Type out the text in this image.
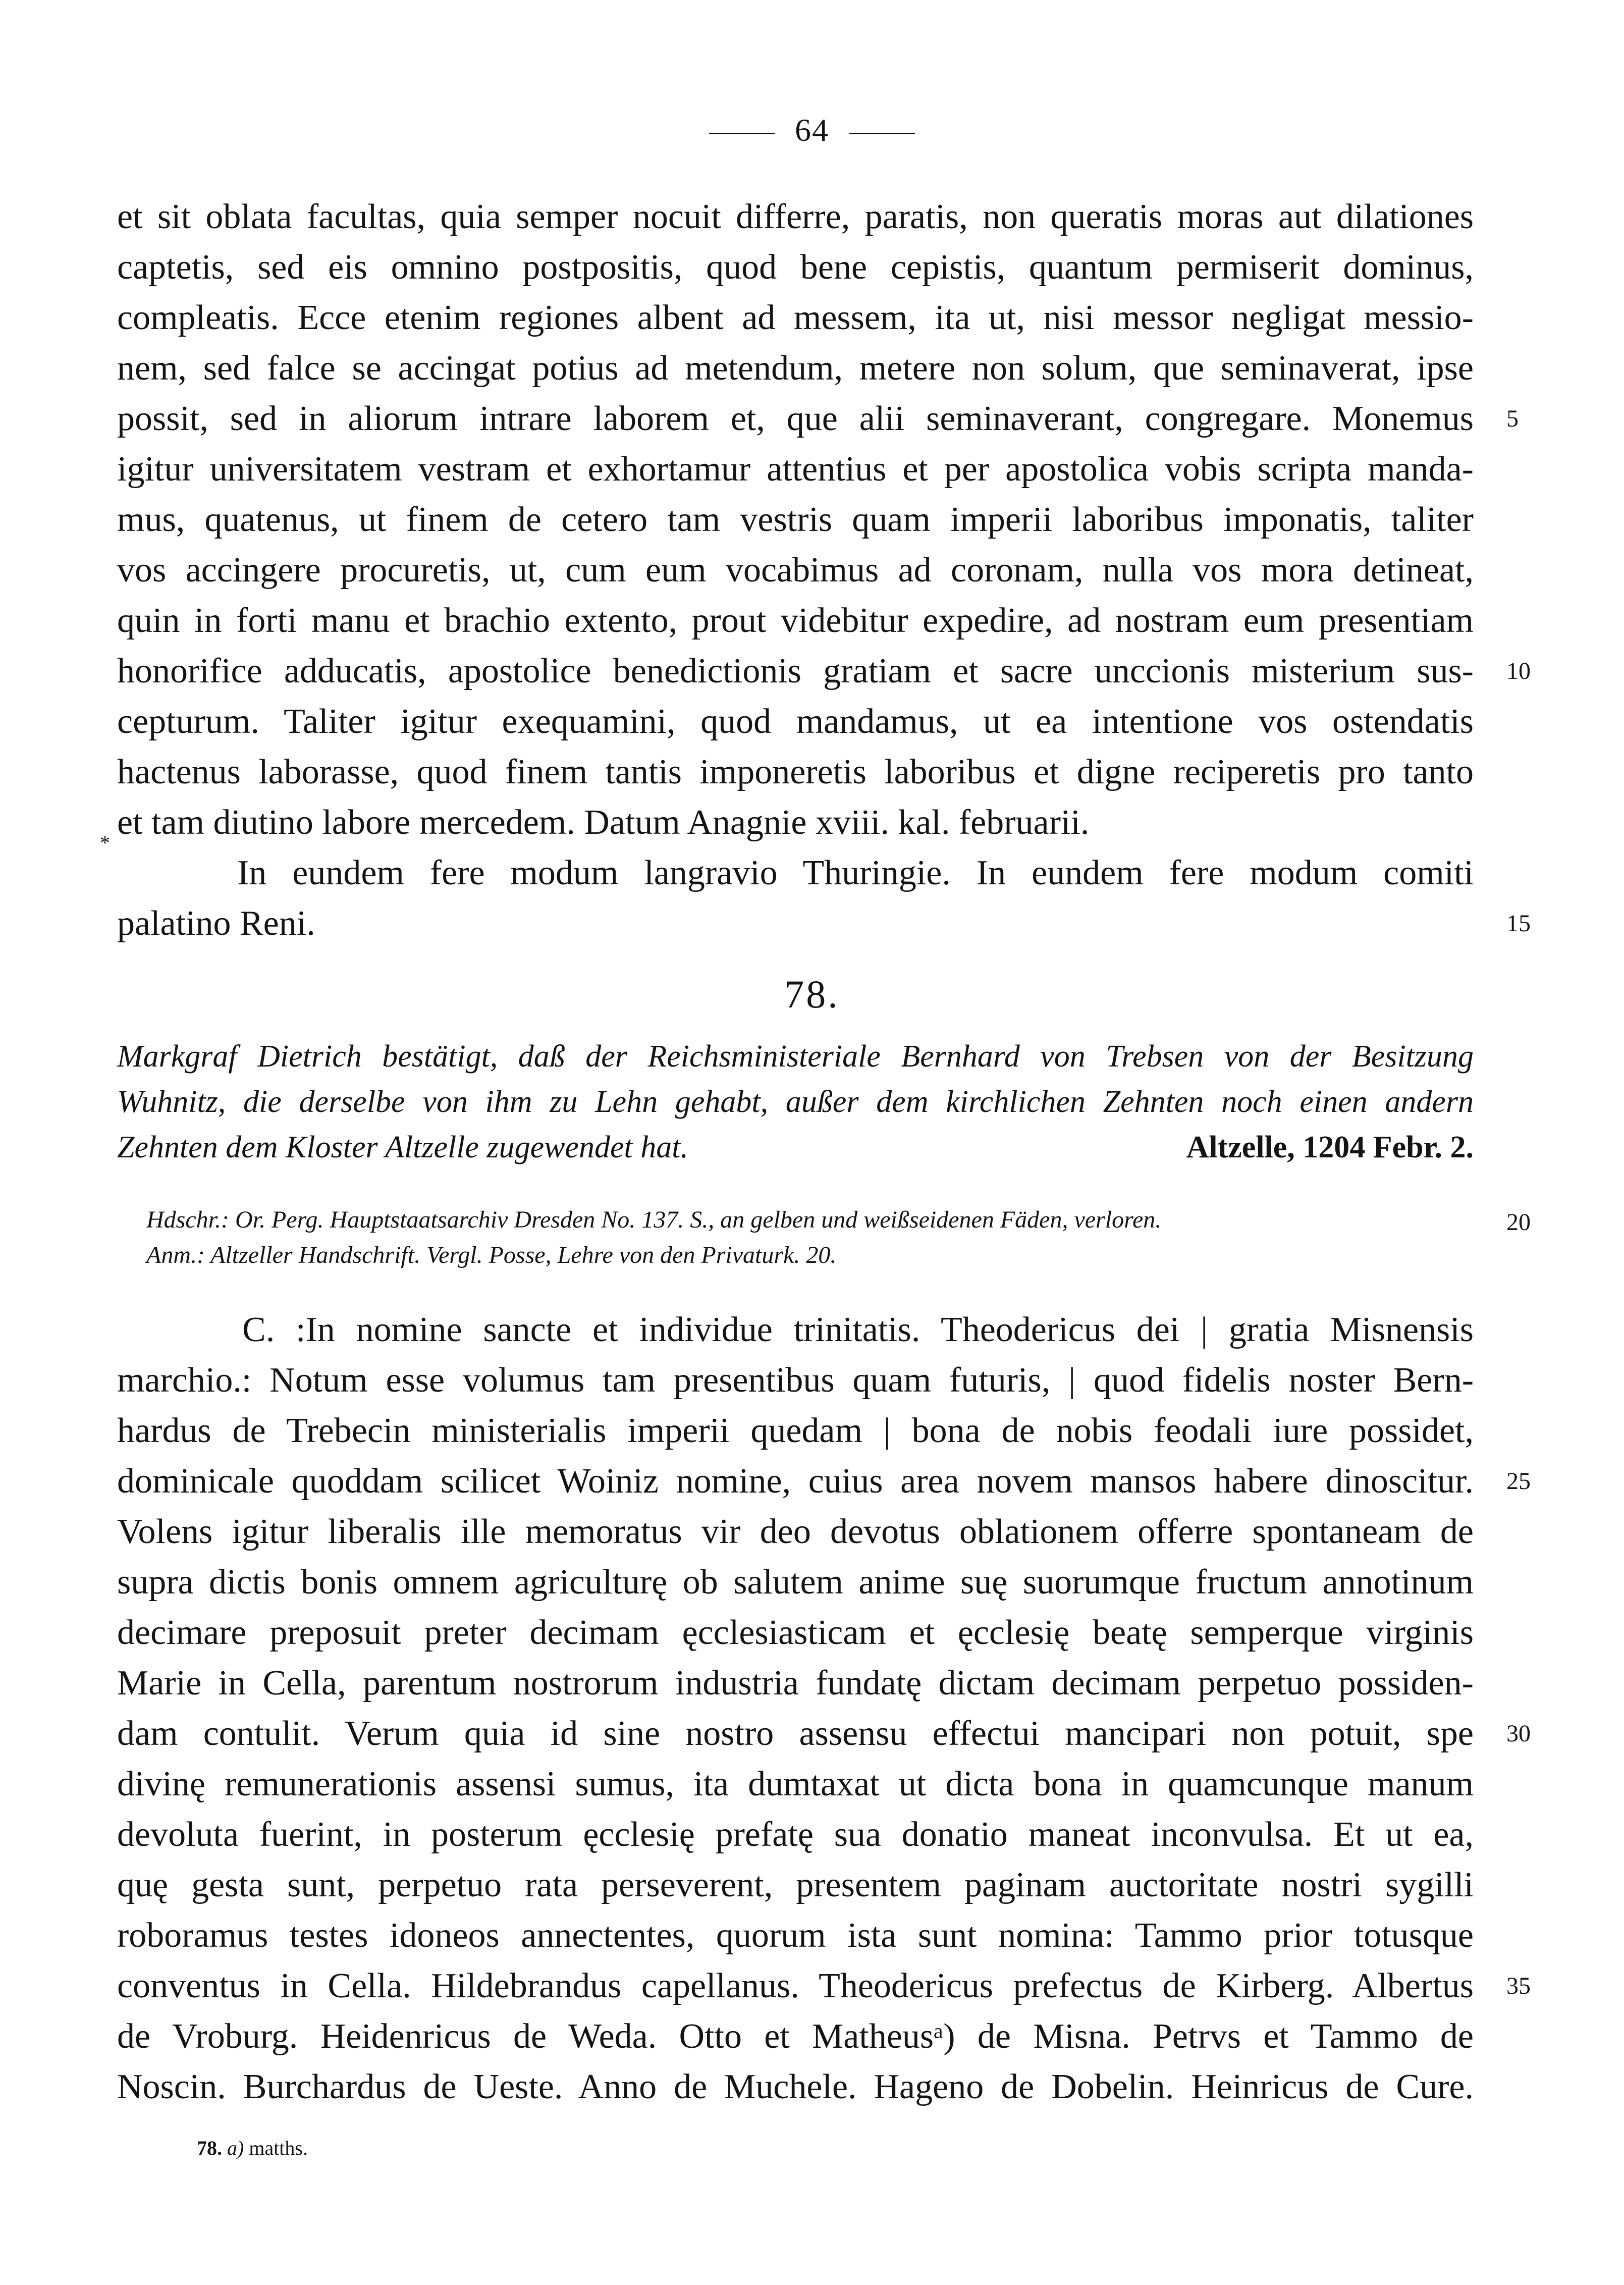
64
et sit oblata facultas, quia semper nocuit differre, paratis, non queratis moras aut dilationes
captetis, sed eis omnino postpositis, quod bene cepistis, quantum permiserit dominus,
compleatis. Ecce etenim regiones albent ad messem, ita ut, nisi messor negligat messio-
nem, sed falce se accingat potius ad metendum, metere non solum, que seminaverat, ipse
possit, sed in aliorum intrare laborem et, que alii seminaverant, congregare. Monemus
igitur universitatem vestram et exhortamur attentius et per apostolica vobis scripta manda-
mus, quatenus, ut finem de cetero tam vestris quam imperii laboribus imponatis, taliter
vos accingere procuretis, ut, cum eum vocabimus ad coronam, nulla vos mora detineat,
quin in forti manu et brachio extento, prout videbitur expedire, ad nostram eum presentiam
honorifice adducatis, apostolice benedictionis gratiam et sacre unccionis misterium sus-
cepturum. Taliter igitur exequamini, quod mandamus, ut ea intentione vos ostendatis
hactenus laborasse, quod finem tantis imponeretis laboribus et digne reciperetis pro tanto
et tam diutino labore mercedem. Datum Anagnie xviii. kal. februarii.
*
In eundem fere modum langravio Thuringie. In eundem fere modum comiti
palatino Reni.
5
10
15
78.
Markgraf Dietrich bestätigt, daß der Reichsministeriale Bernhard von Trebsen von der Besitzung
Wuhnitz, die derselbe von ihm zu Lehn gehabt, außer dem kirchlichen Zehnten noch einen andern
Zehnten dem Kloster Altzelle zugewendet hat.	Altzelle, 1204 Febr. 2.
Hdschr.: Or. Perg. Hauptstaatsarchiv Dresden No. 137. S., an gelben und weißseidenen Fäden, verloren.
Anm.: Altzeller Handschrift. Vergl. Posse, Lehre von den Privaturk. 20.
20
C. :In nomine sancte et individue trinitatis. Theodericus dei | gratia Misnensis
marchio.: Notum esse volumus tam presentibus quam futuris, | quod fidelis noster Bern-
hardus de Trebecin ministerialis imperii quedam | bona de nobis feodali iure possidet,
dominicale quoddam scilicet Woiniz nomine, cuius area novem mansos habere dinoscitur.
Volens igitur liberalis ille memoratus vir deo devotus oblationem offerre spontaneam de
supra dictis bonis omnem agriculturę ob salutem anime suę suorumque fructum annotinum
decimare preposuit preter decimam ęcclesiasticam et ęcclesię beatę semperque virginis
Marie in Cella, parentum nostrorum industria fundatę dictam decimam perpetuo possiden-
dam contulit. Verum quia id sine nostro assensu effectui mancipari non potuit, spe
divinę remunerationis assensi sumus, ita dumtaxat ut dicta bona in quamcunque manum
devoluta fuerint, in posterum ęcclesię prefatę sua donatio maneat inconvulsa. Et ut ea,
quę gesta sunt, perpetuo rata perseverent, presentem paginam auctoritate nostri sygilli
roboramus testes idoneos annectentes, quorum ista sunt nomina: Tammo prior totusque
conventus in Cella. Hildebrandus capellanus. Theodericus prefectus de Kirberg. Albertus
de Vroburg. Heidenricus de Weda. Otto et Matheusᵃ) de Misna. Petrvs et Tammo de
Noscin. Burchardus de Ueste. Anno de Muchele. Hageno de Dobelin. Heinricus de Cure.
25
30
35
78. a) matths.
